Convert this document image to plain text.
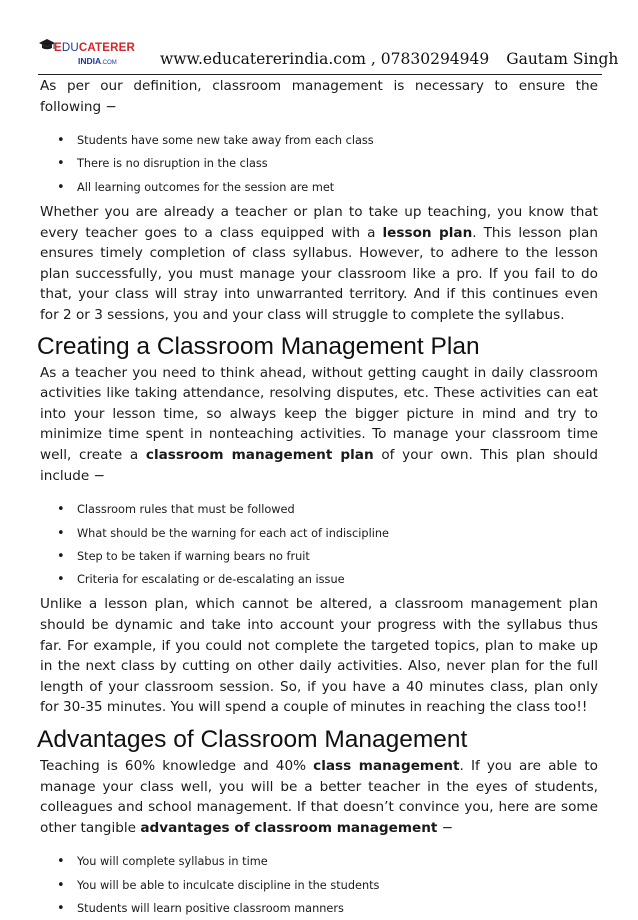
EDUCATERER
INDIA.COM	www.educatererindia.com , 07830294949 Gautam Singh

As per our definition, classroom management is necessary to ensure the following −

• Students have some new take away from each class
• There is no disruption in the class
• All learning outcomes for the session are met

Whether you are already a teacher or plan to take up teaching, you know that every teacher goes to a class equipped with a lesson plan. This lesson plan ensures timely completion of class syllabus. However, to adhere to the lesson plan successfully, you must manage your classroom like a pro. If you fail to do that, your class will stray into unwarranted territory. And if this continues even for 2 or 3 sessions, you and your class will struggle to complete the syllabus.

Creating a Classroom Management Plan

As a teacher you need to think ahead, without getting caught in daily classroom activities like taking attendance, resolving disputes, etc. These activities can eat into your lesson time, so always keep the bigger picture in mind and try to minimize time spent in nonteaching activities. To manage your classroom time well, create a classroom management plan of your own. This plan should include −

• Classroom rules that must be followed
• What should be the warning for each act of indiscipline
• Step to be taken if warning bears no fruit
• Criteria for escalating or de-escalating an issue

Unlike a lesson plan, which cannot be altered, a classroom management plan should be dynamic and take into account your progress with the syllabus thus far. For example, if you could not complete the targeted topics, plan to make up in the next class by cutting on other daily activities. Also, never plan for the full length of your classroom session. So, if you have a 40 minutes class, plan only for 30-35 minutes. You will spend a couple of minutes in reaching the class too!!

Advantages of Classroom Management

Teaching is 60% knowledge and 40% class management. If you are able to manage your class well, you will be a better teacher in the eyes of students, colleagues and school management. If that doesn’t convince you, here are some other tangible advantages of classroom management −

• You will complete syllabus in time
• You will be able to inculcate discipline in the students
• Students will learn positive classroom manners
